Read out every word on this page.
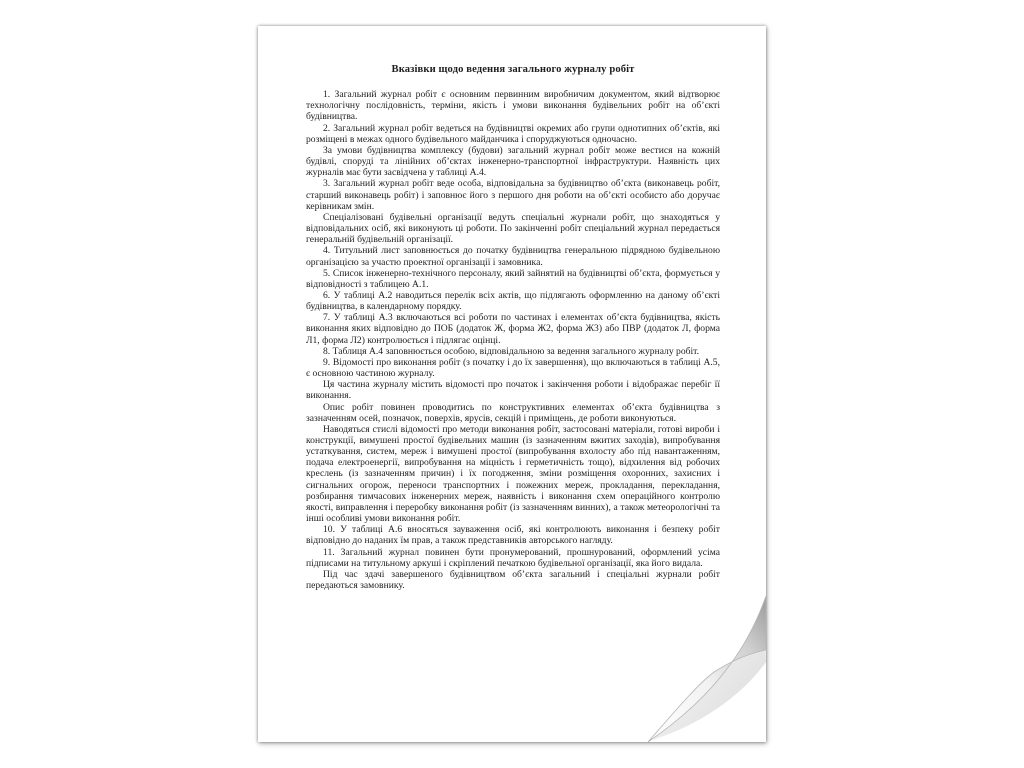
Вказівки щодо ведення загального журналу робіт

1. Загальний журнал робіт є основним первинним виробничим документом, який відтворює технологічну послідовність, терміни, якість і умови виконання будівельних робіт на об’єкті будівництва.

2. Загальний журнал робіт ведеться на будівництві окремих або групи однотипних об’єктів, які розміщені в межах одного будівельного майданчика і споруджуються одночасно.

За умови будівництва комплексу (будови) загальний журнал робіт може вестися на кожній будівлі, споруді та лінійних об’єктах інженерно-транспортної інфраструктури. Наявність цих журналів має бути засвідчена у таблиці А.4.

3. Загальний журнал робіт веде особа, відповідальна за будівництво об’єкта (виконавець робіт, старший виконавець робіт) і заповнює його з першого дня роботи на об’єкті особисто або доручає керівникам змін.

Спеціалізовані будівельні організації ведуть спеціальні журнали робіт, що знаходяться у відповідальних осіб, які виконують ці роботи. По закінченні робіт спеціальний журнал передається генеральній будівельній організації.

4. Титульний лист заповнюється до початку будівництва генеральною підрядною будівельною організацією за участю проектної організації і замовника.

5. Список інженерно-технічного персоналу, який зайнятий на будівництві об’єкта, формується у відповідності з таблицею А.1.

6. У таблиці А.2 наводиться перелік всіх актів, що підлягають оформленню на даному об’єкті будівництва, в календарному порядку.

7. У таблиці А.3 включаються всі роботи по частинах і елементах об’єкта будівництва, якість виконання яких відповідно до ПОБ (додаток Ж, форма Ж2, форма Ж3) або ПВР (додаток Л, форма Л1, форма Л2) контролюється і підлягає оцінці.

8. Таблиця А.4 заповнюється особою, відповідальною за ведення загального журналу робіт.

9. Відомості про виконання робіт (з початку і до їх завершення), що включаються в таблиці А.5, є основною частиною журналу.

Ця частина журналу містить відомості про початок і закінчення роботи і відображає перебіг її виконання.

Опис робіт повинен проводитись по конструктивних елементах об’єкта будівництва з зазначенням осей, позначок, поверхів, ярусів, секцій і приміщень, де роботи виконуються.

Наводяться стислі відомості про методи виконання робіт, застосовані матеріали, готові вироби і конструкції, вимушені простої будівельних машин (із зазначенням вжитих заходів), випробування устаткування, систем, мереж і вимушені простої (випробування вхолосту або під навантаженням, подача електроенергії, випробування на міцність і герметичність тощо), відхилення від робочих креслень (із зазначенням причин) і їх погодження, зміни розміщення охоронних, захисних і сигнальних огорож, переноси транспортних і пожежних мереж, прокладання, перекладання, розбирання тимчасових інженерних мереж, наявність і виконання схем операційного контролю якості, виправлення і переробку виконання робіт (із зазначенням винних), а також метеорологічні та інші особливі умови виконання робіт.

10. У таблиці А.6 вносяться зауваження осіб, які контролюють виконання і безпеку робіт відповідно до наданих їм прав, а також представників авторського нагляду.

11. Загальний журнал повинен бути пронумерований, прошнурований, оформлений усіма підписами на титульному аркуші і скріплений печаткою будівельної організації, яка його видала.

Під час здачі завершеного будівництвом об’єкта загальний і спеціальні журнали робіт передаються замовнику.
